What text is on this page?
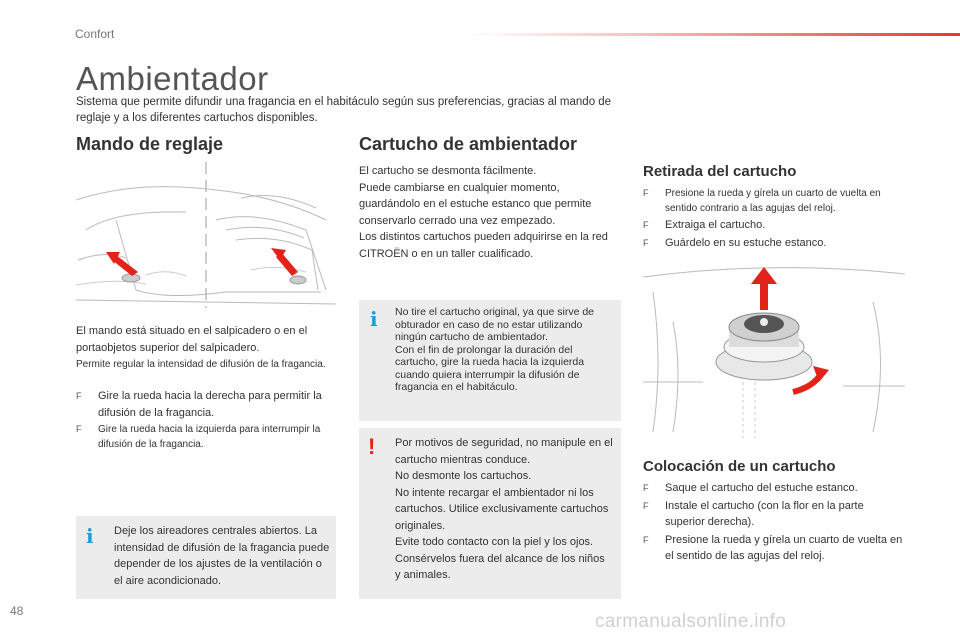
Confort
Ambientador
Sistema que permite difundir una fragancia en el habitáculo según sus preferencias, gracias al mando de reglaje y a los diferentes cartuchos disponibles.
Mando de reglaje
El mando está situado en el salpicadero o en el portaobjetos superior del salpicadero.
Permite regular la intensidad de difusión de la fragancia.
F Gire la rueda hacia la derecha para permitir la difusión de la fragancia.
F Gire la rueda hacia la izquierda para interrumpir la difusión de la fragancia.
i Deje los aireadores centrales abiertos. La intensidad de difusión de la fragancia puede depender de los ajustes de la ventilación o el aire acondicionado.
Cartucho de ambientador
El cartucho se desmonta fácilmente.
Puede cambiarse en cualquier momento, guardándolo en el estuche estanco que permite conservarlo cerrado una vez empezado.
Los distintos cartuchos pueden adquirirse en la red CITROËN o en un taller cualificado.
i No tire el cartucho original, ya que sirve de obturador en caso de no estar utilizando ningún cartucho de ambientador.
Con el fin de prolongar la duración del cartucho, gire la rueda hacia la izquierda cuando quiera interrumpir la difusión de fragancia en el habitáculo.
! Por motivos de seguridad, no manipule en el cartucho mientras conduce.
No desmonte los cartuchos.
No intente recargar el ambientador ni los cartuchos. Utilice exclusivamente cartuchos originales.
Evite todo contacto con la piel y los ojos.
Consérvelos fuera del alcance de los niños y animales.
Retirada del cartucho
F Presione la rueda y gírela un cuarto de vuelta en sentido contrario a las agujas del reloj.
F Extraiga el cartucho.
F Guárdelo en su estuche estanco.
Colocación de un cartucho
F Saque el cartucho del estuche estanco.
F Instale el cartucho (con la flor en la parte superior derecha).
F Presione la rueda y gírela un cuarto de vuelta en el sentido de las agujas del reloj.
48	carmanualsonline.info
